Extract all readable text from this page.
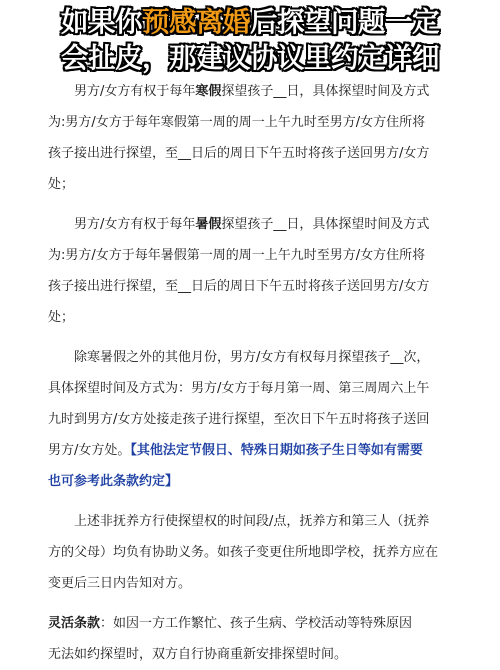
如果你预感离婚后探望问题一定
会扯皮，那建议协议里约定详细
　　男方/女方有权于每年寒假探望孩子__日，具体探望时间及方式
为:男方/女方于每年寒假第一周的周一上午九时至男方/女方住所将
孩子接出进行探望，至__日后的周日下午五时将孩子送回男方/女方
处；
　　男方/女方有权于每年暑假探望孩子__日，具体探望时间及方式
为:男方/女方于每年暑假第一周的周一上午九时至男方/女方住所将
孩子接出进行探望，至__日后的周日下午五时将孩子送回男方/女方
处；
　　除寒暑假之外的其他月份，男方/女方有权每月探望孩子__次，
具体探望时间及方式为：男方/女方于每月第一周、第三周周六上午
九时到男方/女方处接走孩子进行探望，至次日下午五时将孩子送回
男方/女方处。【其他法定节假日、特殊日期如孩子生日等如有需要
也可参考此条款约定】
　　上述非抚养方行使探望权的时间段/点，抚养方和第三人（抚养
方的父母）均负有协助义务。如孩子变更住所地即学校，抚养方应在
变更后三日内告知对方。
灵活条款：如因一方工作繁忙、孩子生病、学校活动等特殊原因
无法如约探望时，双方自行协商重新安排探望时间。
